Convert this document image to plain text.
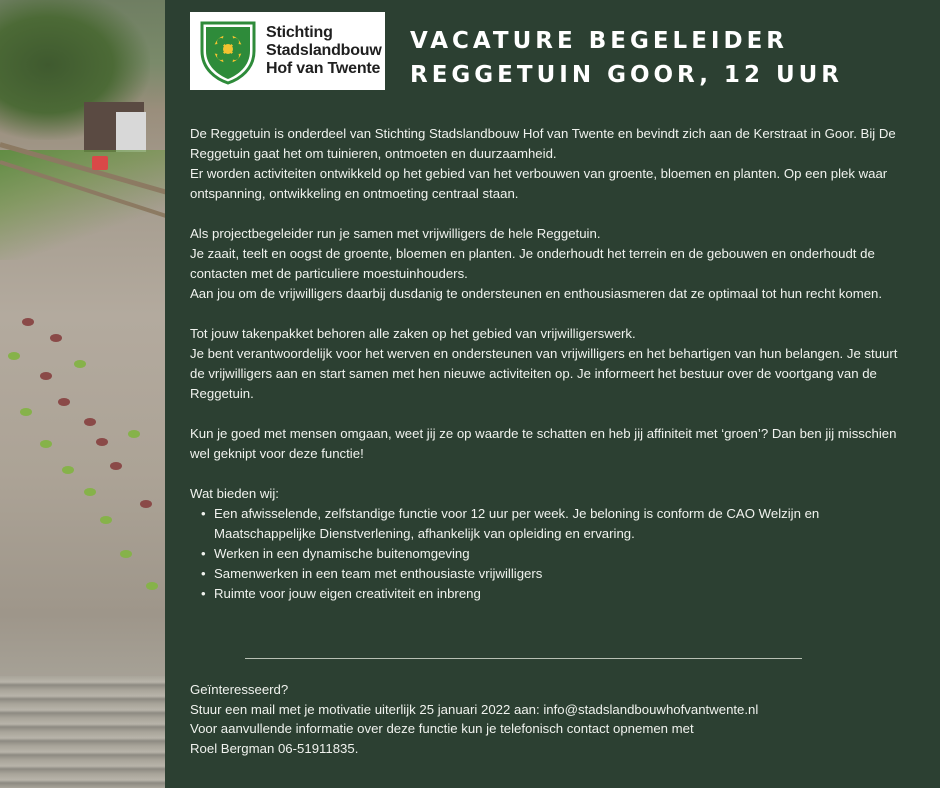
Stichting
Stadslandbouw
Hof van Twente
VACATURE BEGELEIDER
REGGETUIN GOOR, 12 UUR

De Reggetuin is onderdeel van Stichting Stadslandbouw Hof van Twente en bevindt zich aan de Kerstraat in Goor. Bij De Reggetuin gaat het om tuinieren, ontmoeten en duurzaamheid.
Er worden activiteiten ontwikkeld op het gebied van het verbouwen van groente, bloemen en planten. Op een plek waar ontspanning, ontwikkeling en ontmoeting centraal staan.

Als projectbegeleider run je samen met vrijwilligers de hele Reggetuin.
Je zaait, teelt en oogst de groente, bloemen en planten. Je onderhoudt het terrein en de gebouwen en onderhoudt de contacten met de particuliere moestuinhouders.
Aan jou om de vrijwilligers daarbij dusdanig te ondersteunen en enthousiasmeren dat ze optimaal tot hun recht komen.

Tot jouw takenpakket behoren alle zaken op het gebied van vrijwilligerswerk.
Je bent verantwoordelijk voor het werven en ondersteunen van vrijwilligers en het behartigen van hun belangen. Je stuurt de vrijwilligers aan en start samen met hen nieuwe activiteiten op. Je informeert het bestuur over de voortgang van de Reggetuin.

Kun je goed met mensen omgaan, weet jij ze op waarde te schatten en heb jij affiniteit met ‘groen’? Dan ben jij misschien wel geknipt voor deze functie!

Wat bieden wij:
• Een afwisselende, zelfstandige functie voor 12 uur per week. Je beloning is conform de CAO Welzijn en Maatschappelijke Dienstverlening, afhankelijk van opleiding en ervaring.
• Werken in een dynamische buitenomgeving
• Samenwerken in een team met enthousiaste vrijwilligers
• Ruimte voor jouw eigen creativiteit en inbreng
Geïnteresseerd?
Stuur een mail met je motivatie uiterlijk 25 januari 2022 aan: info@stadslandbouwhofvantwente.nl
Voor aanvullende informatie over deze functie kun je telefonisch contact opnemen met
Roel Bergman 06-51911835.
